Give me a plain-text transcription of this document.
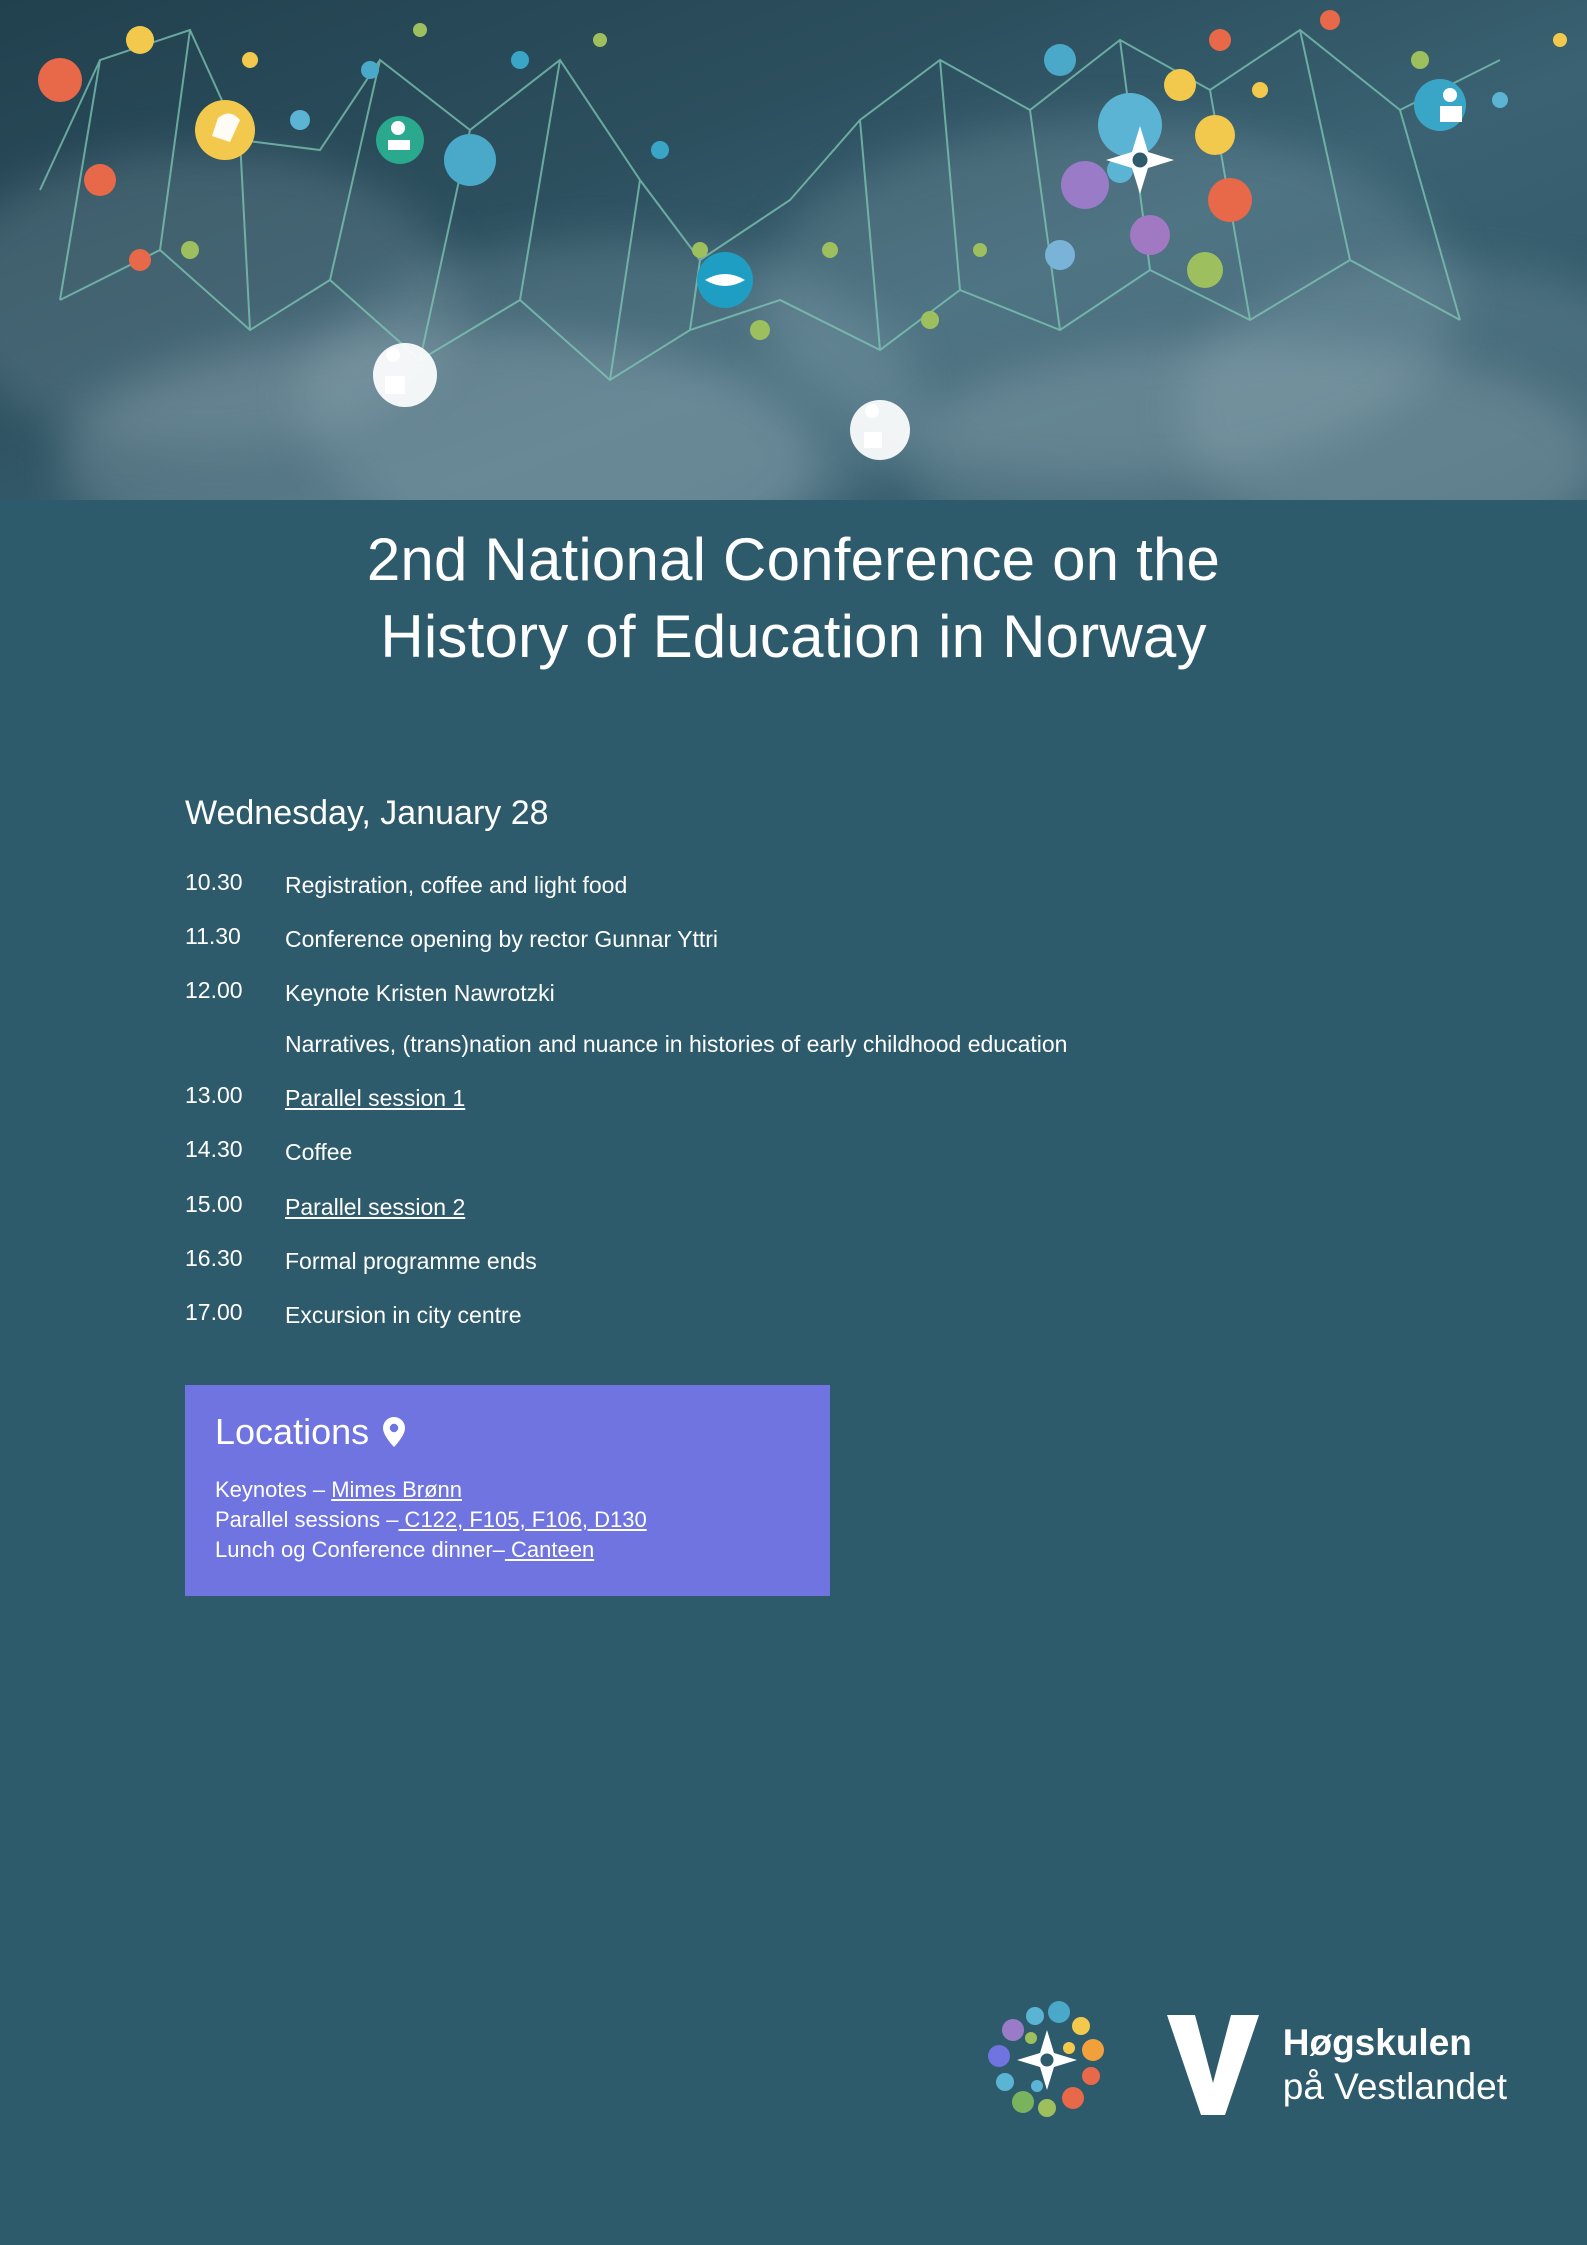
2nd National Conference on the
History of Education in Norway
Wednesday, January 28
10.30	Registration, coffee and light food
11.30	Conference opening by rector Gunnar Yttri
12.00	Keynote Kristen Nawrotzki
Narratives, (trans)nation and nuance in histories of early childhood education
13.00	Parallel session 1
14.30	Coffee
15.00	Parallel session 2
16.30	Formal programme ends
17.00	Excursion in city centre
Locations
Keynotes – Mimes Brønn
Parallel sessions – C122, F105, F106, D130
Lunch og Conference dinner– Canteen
Høgskulen
på Vestlandet
